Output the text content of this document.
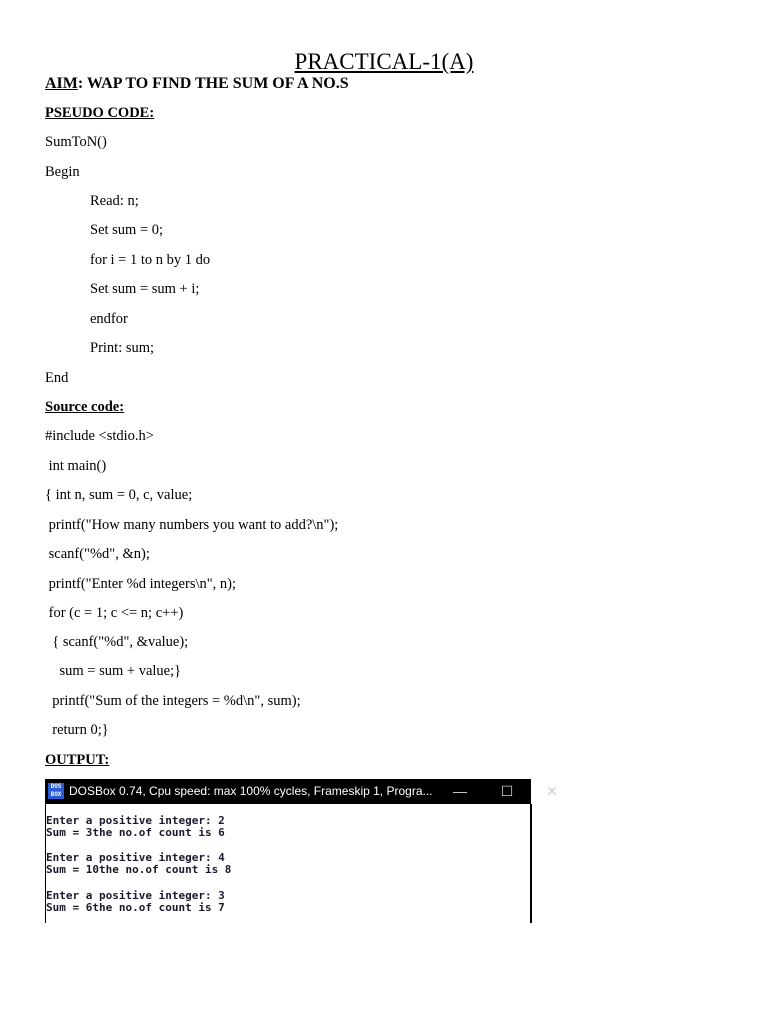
PRACTICAL-1(A)
AIM: WAP TO FIND THE SUM OF A NO.S
PSEUDO CODE:
SumToN()
Begin
Read: n;
Set sum = 0;
for i = 1 to n by 1 do
Set sum = sum + i;
endfor
Print: sum;
End
Source code:
#include <stdio.h>
int main()
{ int n, sum = 0, c, value;
printf("How many numbers you want to add?\n");
scanf("%d", &n);
printf("Enter %d integers\n", n);
for (c = 1; c <= n; c++)
{ scanf("%d", &value);
sum = sum + value;}
printf("Sum of the integers = %d\n", sum);
return 0;}
OUTPUT:
DOS BOX DOSBox 0.74, Cpu speed: max 100% cycles, Frameskip 1, Progra... — ☐ ✕
Enter a positive integer: 2
Sum = 3the no.of count is 6
Enter a positive integer: 4
Sum = 10the no.of count is 8
Enter a positive integer: 3
Sum = 6the no.of count is 7
